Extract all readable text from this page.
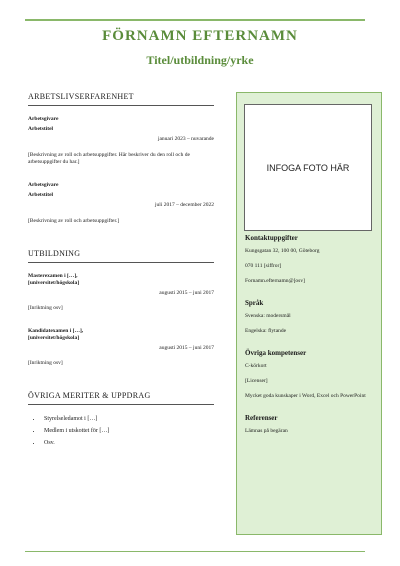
FÖRNAMN EFTERNAMN
Titel/utbildning/yrke
ARBETSLIVSERFARENHET
Arbetsgivare
Arbetstitel
januari 2023 – nuvarande
[Beskrivning av roll och arbetsuppgifter. Här beskriver du den roll och de arbetsuppgifter du har.]
Arbetsgivare
Arbetstitel
juli 2017 – december 2022
[Beskrivning av roll och arbetsuppgifter.]
UTBILDNING
Masterexamen i […],
[universitet/högskola]
augusti 2015 – juni 2017
[Inriktning osv]
Kandidatexamen i […],
[universitet/högskola]
augusti 2015 – juni 2017
[Inriktning osv]
ÖVRIGA MERITER & UPPDRAG
• Styrelseledamot i […]
• Medlem i utskottet för […]
• Osv.
INFOGA FOTO HÄR
Kontaktuppgifter
Kungsgatan 32, 100 00, Göteborg
070 111 [siffror]
Fornamn.efternamn@[osv]
Språk
Svenska: modersmål
Engelska: flytande
Övriga kompetenser
C-körkort
[Licenser]
Mycket goda kunskaper i Word, Excel och PowerPoint
Referenser
Lämnas på begäran
